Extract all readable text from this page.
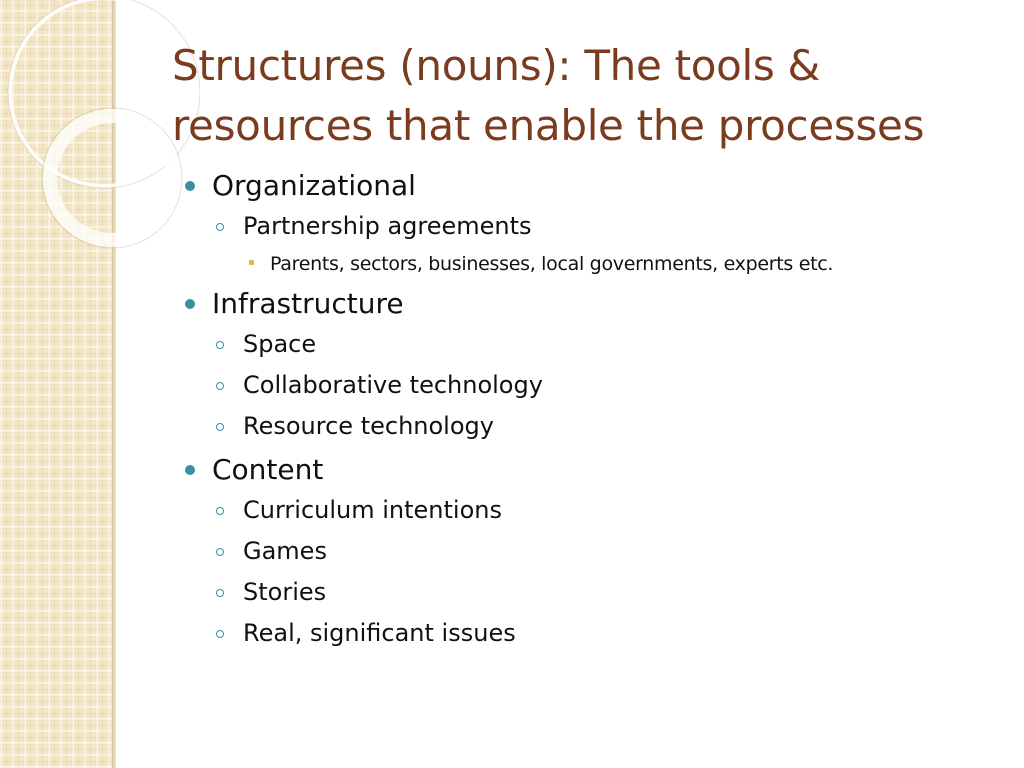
Structures (nouns): The tools & resources that enable the processes
Organizational
Partnership agreements
Parents, sectors, businesses, local governments, experts etc.
Infrastructure
Space
Collaborative technology
Resource technology
Content
Curriculum intentions
Games
Stories
Real, significant issues
